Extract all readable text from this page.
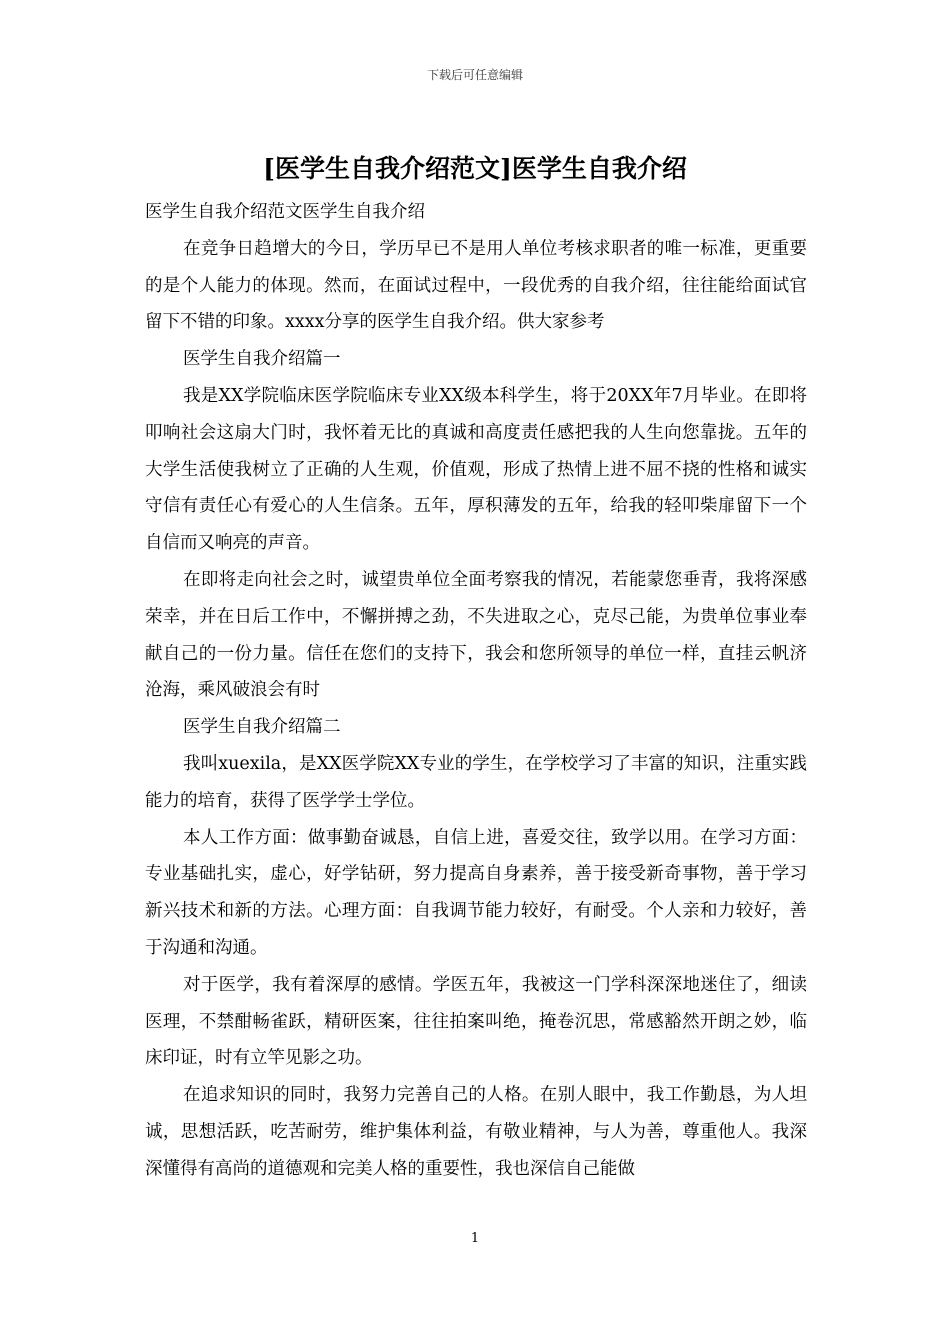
下载后可任意编辑
[医学生自我介绍范文]医学生自我介绍

医学生自我介绍范文医学生自我介绍

在竞争日趋增大的今日，学历早已不是用人单位考核求职者的唯一标准，更重要的是个人能力的体现。然而，在面试过程中，一段优秀的自我介绍，往往能给面试官留下不错的印象。xxxx分享的医学生自我介绍。供大家参考

医学生自我介绍篇一

我是XX学院临床医学院临床专业XX级本科学生，将于20XX年7月毕业。在即将叩响社会这扇大门时，我怀着无比的真诚和高度责任感把我的人生向您靠拢。五年的大学生活使我树立了正确的人生观，价值观，形成了热情上进不屈不挠的性格和诚实守信有责任心有爱心的人生信条。五年，厚积薄发的五年，给我的轻叩柴扉留下一个自信而又响亮的声音。

在即将走向社会之时，诚望贵单位全面考察我的情况，若能蒙您垂青，我将深感荣幸，并在日后工作中，不懈拼搏之劲，不失进取之心，克尽己能，为贵单位事业奉献自己的一份力量。信任在您们的支持下，我会和您所领导的单位一样，直挂云帆济沧海，乘风破浪会有时

医学生自我介绍篇二

我叫xuexila，是XX医学院XX专业的学生，在学校学习了丰富的知识，注重实践能力的培育，获得了医学学士学位。

本人工作方面：做事勤奋诚恳，自信上进，喜爱交往，致学以用。在学习方面：专业基础扎实，虚心，好学钻研，努力提高自身素养，善于接受新奇事物，善于学习新兴技术和新的方法。心理方面：自我调节能力较好，有耐受。个人亲和力较好，善于沟通和沟通。

对于医学，我有着深厚的感情。学医五年，我被这一门学科深深地迷住了，细读医理，不禁酣畅雀跃，精研医案，往往拍案叫绝，掩卷沉思，常感豁然开朗之妙，临床印证，时有立竿见影之功。

在追求知识的同时，我努力完善自己的人格。在别人眼中，我工作勤恳，为人坦诚，思想活跃，吃苦耐劳，维护集体利益，有敬业精神，与人为善，尊重他人。我深深懂得有高尚的道德观和完美人格的重要性，我也深信自己能做

1
